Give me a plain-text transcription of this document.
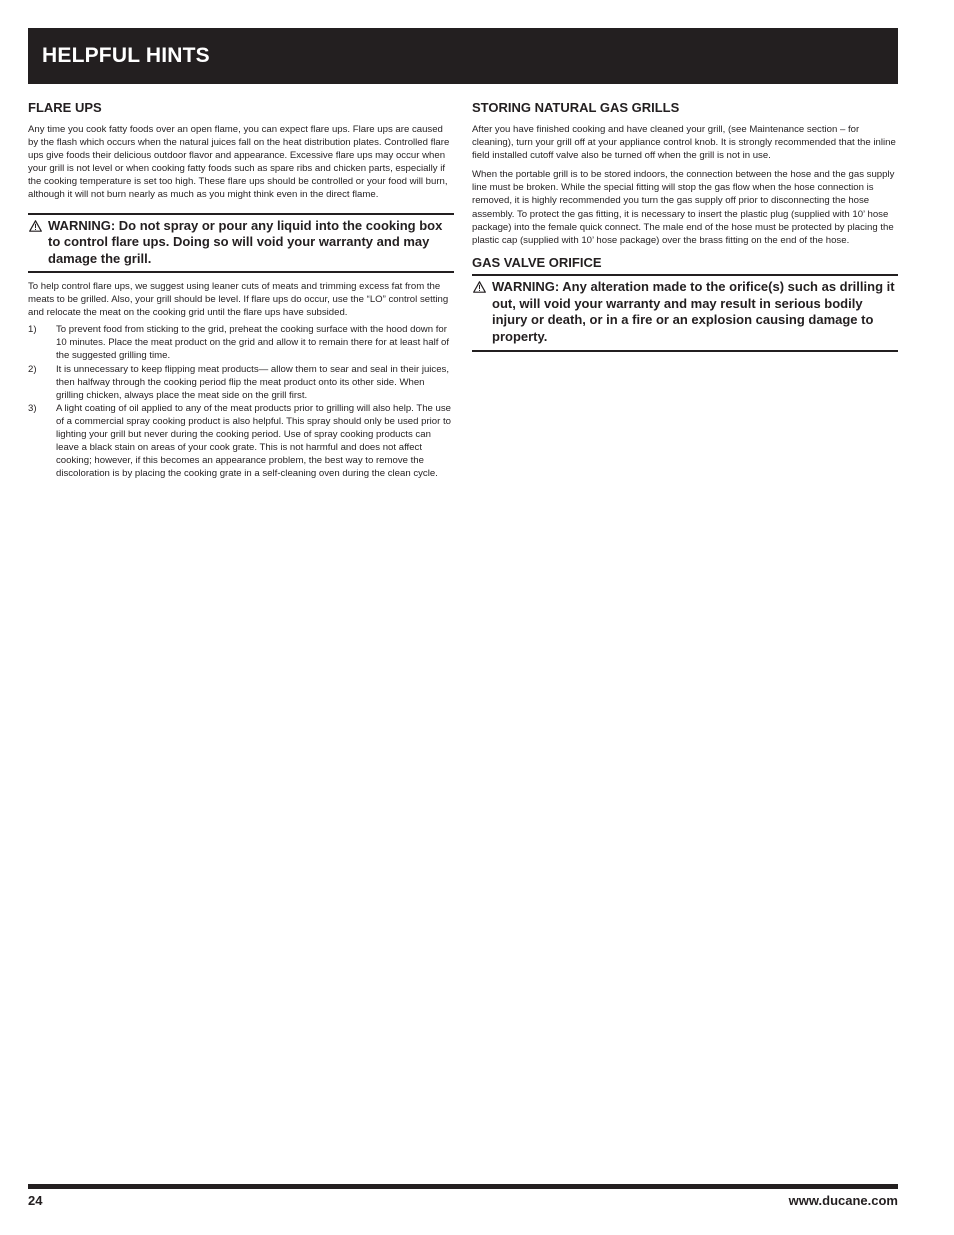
HELPFUL HINTS
FLARE UPS

Any time you cook fatty foods over an open flame, you can expect flare ups. Flare ups are caused by the flash which occurs when the natural juices fall on the heat distribution plates. Controlled flare ups give foods their delicious outdoor flavor and appearance. Excessive flare ups may occur when your grill is not level or when cooking fatty foods such as spare ribs and chicken parts, especially if the cooking temperature is set too high. These flare ups should be controlled or your food will burn, although it will not burn nearly as much as you might think even in the direct flame.

WARNING: Do not spray or pour any liquid into the cooking box to control flare ups. Doing so will void your warranty and may damage the grill.

To help control flare ups, we suggest using leaner cuts of meats and trimming excess fat from the meats to be grilled. Also, your grill should be level. If flare ups do occur, use the “LO” control setting and relocate the meat on the cooking grid until the flare ups have subsided.

1) To prevent food from sticking to the grid, preheat the cooking surface with the hood down for 10 minutes. Place the meat product on the grid and allow it to remain there for at least half of the suggested grilling time.
2) It is unnecessary to keep flipping meat products— allow them to sear and seal in their juices, then halfway through the cooking period flip the meat product onto its other side. When grilling chicken, always place the meat side on the grill first.
3) A light coating of oil applied to any of the meat products prior to grilling will also help. The use of a commercial spray cooking product is also helpful. This spray should only be used prior to lighting your grill but never during the cooking period. Use of spray cooking products can leave a black stain on areas of your cook grate. This is not harmful and does not affect cooking; however, if this becomes an appearance problem, the best way to remove the discoloration is by placing the cooking grate in a self-cleaning oven during the clean cycle.
STORING NATURAL GAS GRILLS

After you have finished cooking and have cleaned your grill, (see Maintenance section – for cleaning), turn your grill off at your appliance control knob. It is strongly recommended that the inline field installed cutoff valve also be turned off when the grill is not in use.

When the portable grill is to be stored indoors, the connection between the hose and the gas supply line must be broken. While the special fitting will stop the gas flow when the hose connection is removed, it is highly recommended you turn the gas supply off prior to disconnecting the hose assembly. To protect the gas fitting, it is necessary to insert the plastic plug (supplied with 10’ hose package) into the female quick connect. The male end of the hose must be protected by placing the plastic cap (supplied with 10’ hose package) over the brass fitting on the end of the hose.

GAS VALVE ORIFICE
WARNING: Any alteration made to the orifice(s) such as drilling it out, will void your warranty and may result in serious bodily injury or death, or in a fire or an explosion causing damage to property.
24	www.ducane.com
